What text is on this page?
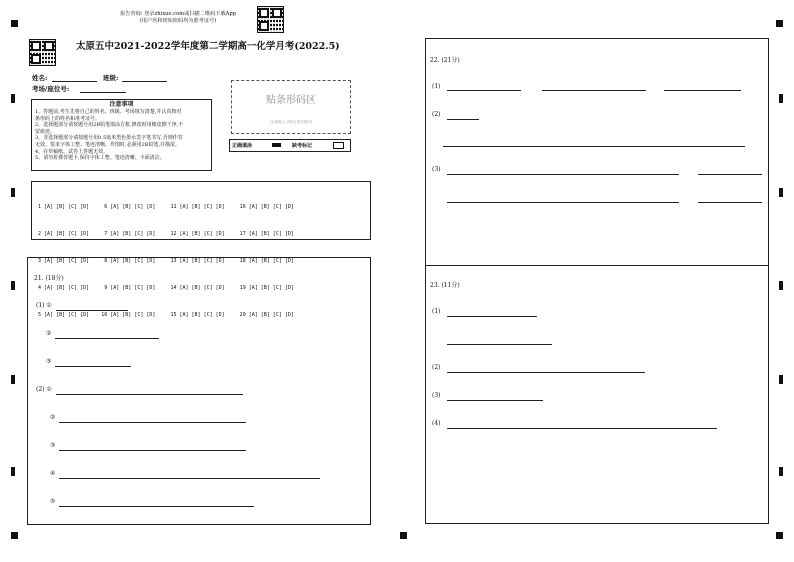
报告查询: 登录zhixue.com或扫描二维码下载App
(用户名和初始密码均为准考证号)
太原五中2021-2022学年度第二学期高一化学月考(2022.5)
姓名:	班级:
考场/座位号:
贴条形码区
(正面朝上,请贴在虚线框内)
注意事项

1、答题前,考生先将自己的姓名、班级、考场填写清楚,并认真核对

条形码上的姓名和准考证号。

2、选择题部分请按题号用2B铅笔填涂方框,修改时用橡皮擦干净,不

留痕迹。

3、非选择题部分请按题号用0.5毫米黑色墨水签字笔书写,否则作答

无效。要求字体工整、笔迹清晰。作图时,必须用2B铅笔,并描浓。

4、在草稿纸、试卷上答题无效。

5、请勿折叠答题卡,保持字体工整、笔迹清晰、卡面清洁。

正确填涂	缺考标记

1 [A] [B] [C] [D]     6 [A] [B] [C] [D]     11 [A] [B] [C] [D]     16 [A] [B] [C] [D]

2 [A] [B] [C] [D]     7 [A] [B] [C] [D]     12 [A] [B] [C] [D]     17 [A] [B] [C] [D]

3 [A] [B] [C] [D]     8 [A] [B] [C] [D]     13 [A] [B] [C] [D]     18 [A] [B] [C] [D]

4 [A] [B] [C] [D]     9 [A] [B] [C] [D]     14 [A] [B] [C] [D]     19 [A] [B] [C] [D]

5 [A] [B] [C] [D]    10 [A] [B] [C] [D]     15 [A] [B] [C] [D]     20 [A] [B] [C] [D]

21. (18分)
(1) ①
②
③
(2) ①
②
③
④
⑤
22. (21分)
(1)
(2)
(3)
23. (11分)
(1)
(2)
(3)
(4)
